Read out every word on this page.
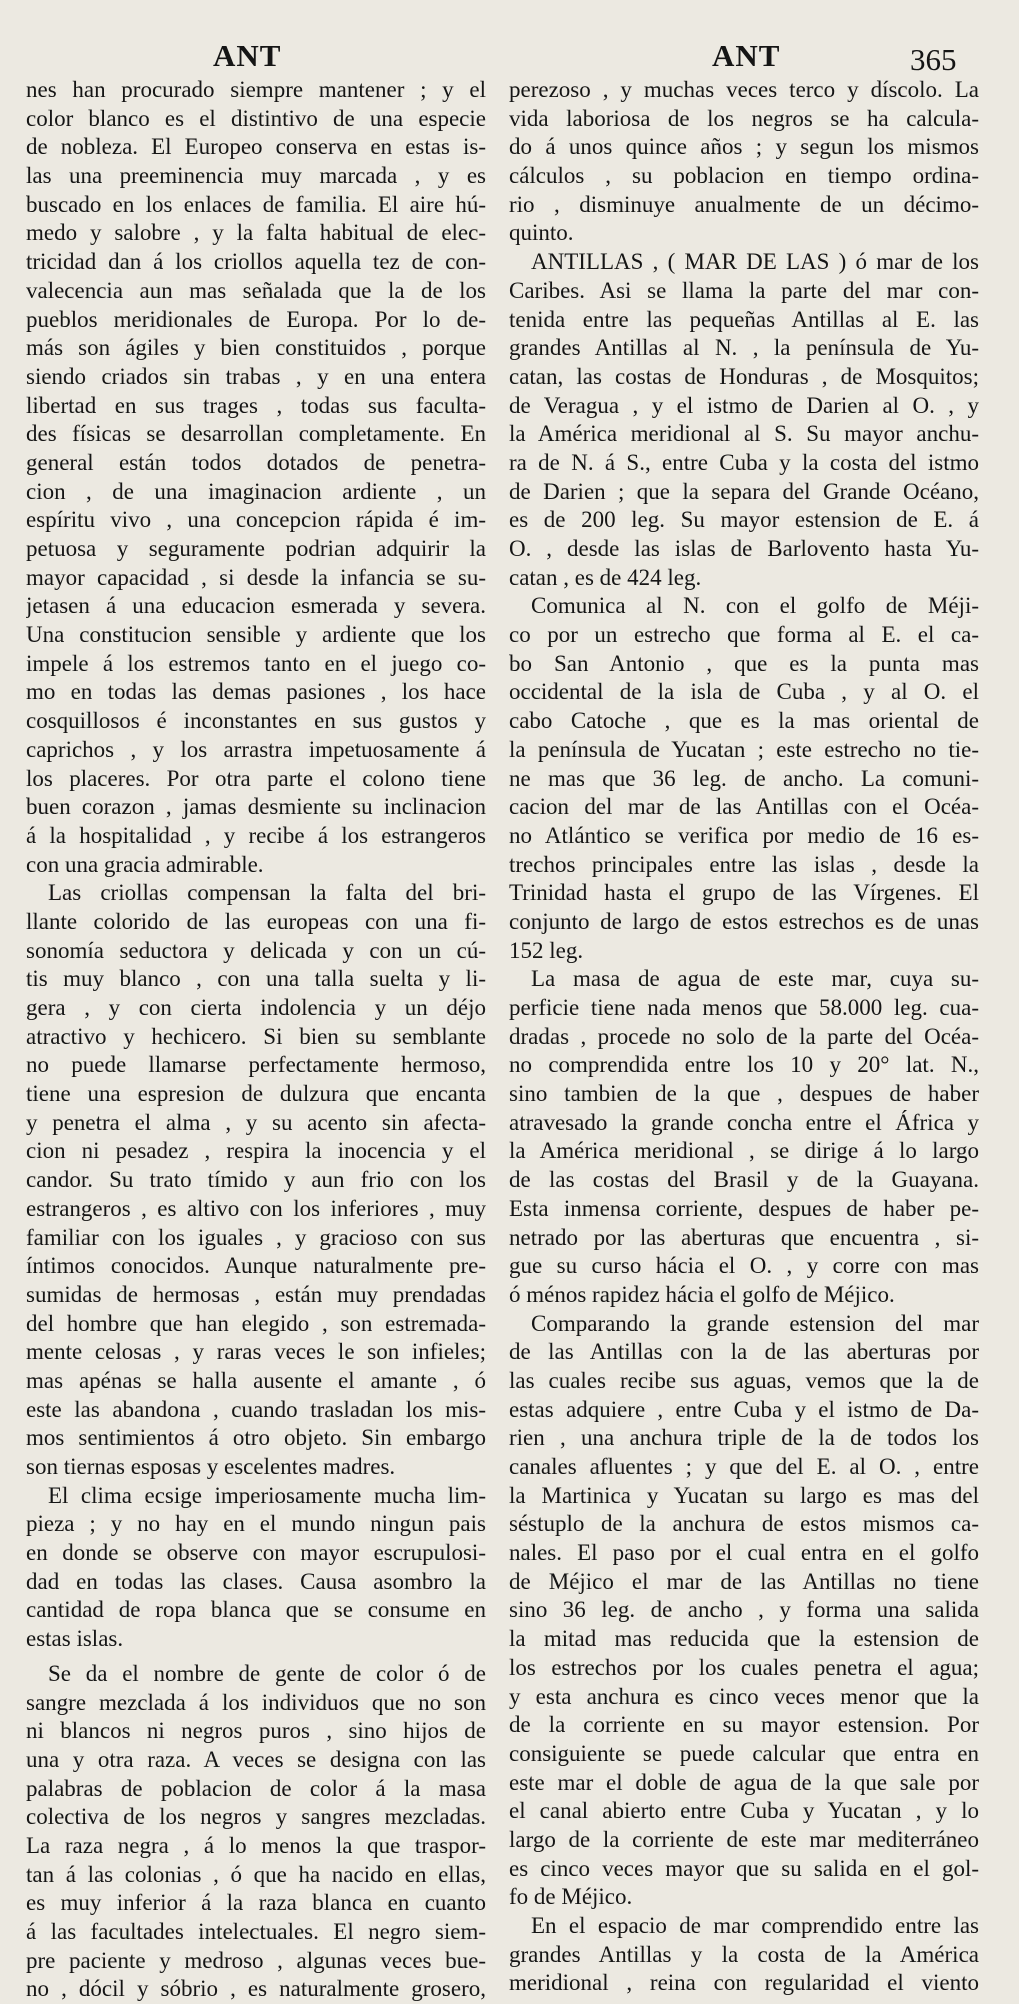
ANT	ANT	365
nes han procurado siempre mantener ; y el
color blanco es el distintivo de una especie
de nobleza. El Europeo conserva en estas is-
las una preeminencia muy marcada , y es
buscado en los enlaces de familia. El aire hú-
medo y salobre , y la falta habitual de elec-
tricidad dan á los criollos aquella tez de con-
valecencia aun mas señalada que la de los
pueblos meridionales de Europa. Por lo de-
más son ágiles y bien constituidos , porque
siendo criados sin trabas , y en una entera
libertad en sus trages , todas sus faculta-
des físicas se desarrollan completamente. En
general están todos dotados de penetra-
cion , de una imaginacion ardiente , un
espíritu vivo , una concepcion rápida é im-
petuosa y seguramente podrian adquirir la
mayor capacidad , si desde la infancia se su-
jetasen á una educacion esmerada y severa.
Una constitucion sensible y ardiente que los
impele á los estremos tanto en el juego co-
mo en todas las demas pasiones , los hace
cosquillosos é inconstantes en sus gustos y
caprichos , y los arrastra impetuosamente á
los placeres. Por otra parte el colono tiene
buen corazon , jamas desmiente su inclinacion
á la hospitalidad , y recibe á los estrangeros
con una gracia admirable.
Las criollas compensan la falta del bri-
llante colorido de las europeas con una fi-
sonomía seductora y delicada y con un cú-
tis muy blanco , con una talla suelta y li-
gera , y con cierta indolencia y un déjo
atractivo y hechicero. Si bien su semblante
no puede llamarse perfectamente hermoso,
tiene una espresion de dulzura que encanta
y penetra el alma , y su acento sin afecta-
cion ni pesadez , respira la inocencia y el
candor. Su trato tímido y aun frio con los
estrangeros , es altivo con los inferiores , muy
familiar con los iguales , y gracioso con sus
íntimos conocidos. Aunque naturalmente pre-
sumidas de hermosas , están muy prendadas
del hombre que han elegido , son estremada-
mente celosas , y raras veces le son infieles;
mas apénas se halla ausente el amante , ó
este las abandona , cuando trasladan los mis-
mos sentimientos á otro objeto. Sin embargo
son tiernas esposas y escelentes madres.
El clima ecsige imperiosamente mucha lim-
pieza ; y no hay en el mundo ningun pais
en donde se observe con mayor escrupulosi-
dad en todas las clases. Causa asombro la
cantidad de ropa blanca que se consume en
estas islas.
Se da el nombre de gente de color ó de
sangre mezclada á los individuos que no son
ni blancos ni negros puros , sino hijos de
una y otra raza. A veces se designa con las
palabras de poblacion de color á la masa
colectiva de los negros y sangres mezcladas.
La raza negra , á lo menos la que traspor-
tan á las colonias , ó que ha nacido en ellas,
es muy inferior á la raza blanca en cuanto
á las facultades intelectuales. El negro siem-
pre paciente y medroso , algunas veces bue-
no , dócil y sóbrio , es naturalmente grosero,
perezoso , y muchas veces terco y díscolo. La
vida laboriosa de los negros se ha calcula-
do á unos quince años ; y segun los mismos
cálculos , su poblacion en tiempo ordina-
rio , disminuye anualmente de un décimo-
quinto.
ANTILLAS , ( MAR DE LAS ) ó mar de los
Caribes. Asi se llama la parte del mar con-
tenida entre las pequeñas Antillas al E. las
grandes Antillas al N. , la península de Yu-
catan, las costas de Honduras , de Mosquitos;
de Veragua , y el istmo de Darien al O. , y
la América meridional al S. Su mayor anchu-
ra de N. á S., entre Cuba y la costa del istmo
de Darien ; que la separa del Grande Océano,
es de 200 leg. Su mayor estension de E. á
O. , desde las islas de Barlovento hasta Yu-
catan , es de 424 leg.
Comunica al N. con el golfo de Méji-
co por un estrecho que forma al E. el ca-
bo San Antonio , que es la punta mas
occidental de la isla de Cuba , y al O. el
cabo Catoche , que es la mas oriental de
la península de Yucatan ; este estrecho no tie-
ne mas que 36 leg. de ancho. La comuni-
cacion del mar de las Antillas con el Océa-
no Atlántico se verifica por medio de 16 es-
trechos principales entre las islas , desde la
Trinidad hasta el grupo de las Vírgenes. El
conjunto de largo de estos estrechos es de unas
152 leg.
La masa de agua de este mar, cuya su-
perficie tiene nada menos que 58.000 leg. cua-
dradas , procede no solo de la parte del Océa-
no comprendida entre los 10 y 20° lat. N.,
sino tambien de la que , despues de haber
atravesado la grande concha entre el África y
la América meridional , se dirige á lo largo
de las costas del Brasil y de la Guayana.
Esta inmensa corriente, despues de haber pe-
netrado por las aberturas que encuentra , si-
gue su curso hácia el O. , y corre con mas
ó ménos rapidez hácia el golfo de Méjico.
Comparando la grande estension del mar
de las Antillas con la de las aberturas por
las cuales recibe sus aguas, vemos que la de
estas adquiere , entre Cuba y el istmo de Da-
rien , una anchura triple de la de todos los
canales afluentes ; y que del E. al O. , entre
la Martinica y Yucatan su largo es mas del
séstuplo de la anchura de estos mismos ca-
nales. El paso por el cual entra en el golfo
de Méjico el mar de las Antillas no tiene
sino 36 leg. de ancho , y forma una salida
la mitad mas reducida que la estension de
los estrechos por los cuales penetra el agua;
y esta anchura es cinco veces menor que la
de la corriente en su mayor estension. Por
consiguiente se puede calcular que entra en
este mar el doble de agua de la que sale por
el canal abierto entre Cuba y Yucatan , y lo
largo de la corriente de este mar mediterráneo
es cinco veces mayor que su salida en el gol-
fo de Méjico.
En el espacio de mar comprendido entre las
grandes Antillas y la costa de la América
meridional , reina con regularidad el viento
